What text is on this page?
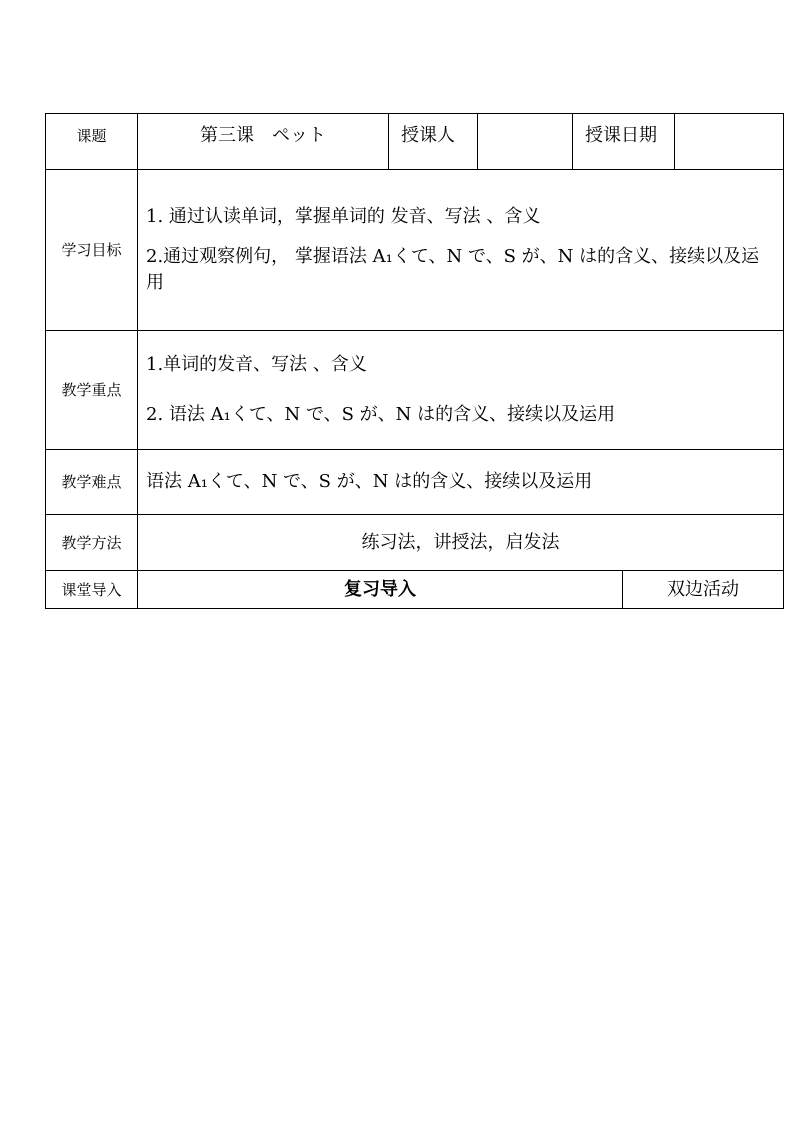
课题	第三课　ペット	授课人		授课日期		
学习目标	1. 通过认读单词，掌握单词的 发音、写法 、含义
2.通过观察例句， 掌握语法 A₁くて、N で、S が、N は的含义、接续以及运用					

教学重点	1.单词的发音、写法 、含义
2. 语法 A₁くて、N で、S が、N は的含义、接续以及运用					

教学难点	语法 A₁くて、N で、S が、N は的含义、接续以及运用					

教学方法	练习法，讲授法，启发法					
课堂导入	复习导入				双边活动	
